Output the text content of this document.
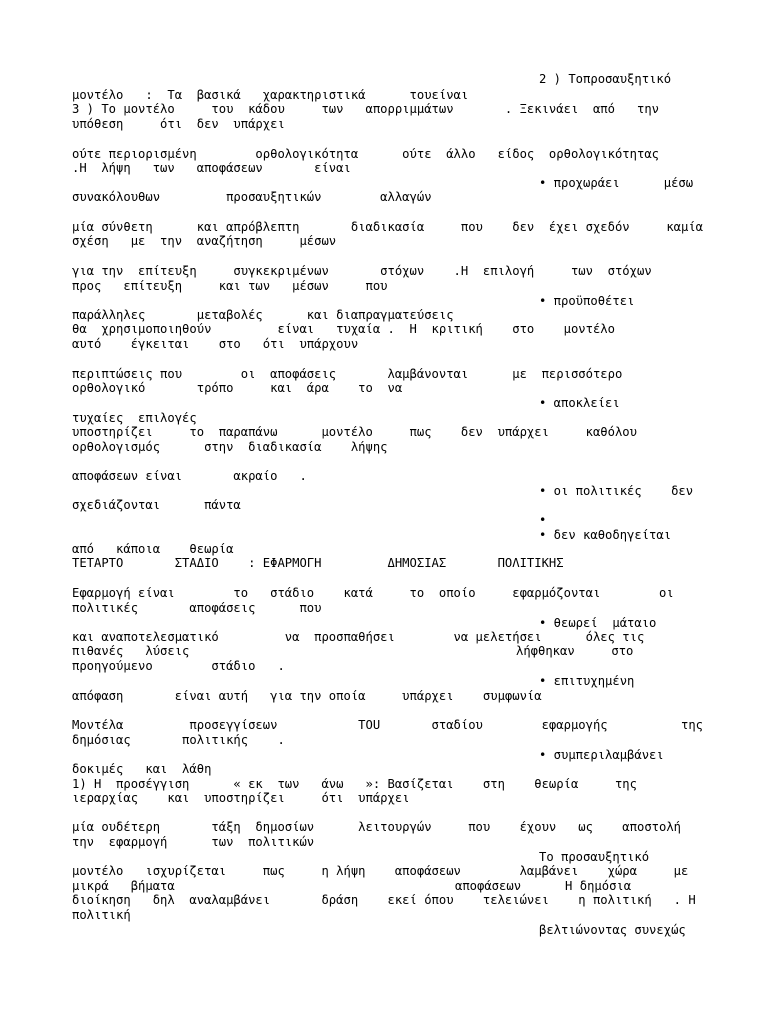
2 ) Τοπροσαυξητικό
μοντέλο   :  Τα  βασικά   χαρακτηριστικά      τουείναι
3 ) Το μοντέλο     του  κάδου     των   απορριμμάτων       . Ξεκινάει  από   την
υπόθεση     ότι  δεν  υπάρχει
ούτε περιορισμένη        ορθολογικότητα      ούτε  άλλο   είδος  ορθολογικότητας
.Η  λήψη   των   αποφάσεων       είναι
• προχωράει      μέσω
συνακόλουθων         προσαυξητικών        αλλαγών
μία σύνθετη      και απρόβλεπτη       διαδικασία     που    δεν  έχει σχεδόν     καμία
σχέση   με  την  αναζήτηση     μέσων
για την  επίτευξη     συγκεκριμένων       στόχων    .Η  επιλογή     των  στόχων
προς   επίτευξη     και των   μέσων     που
• προϋποθέτει
παράλληλες       μεταβολές      και διαπραγματεύσεις
θα  χρησιμοποιηθούν         είναι   τυχαία .  Η  κριτική    στο    μοντέλο
αυτό    έγκειται    στο   ότι  υπάρχουν
περιπτώσεις που        οι  αποφάσεις       λαμβάνονται      με  περισσότερο
ορθολογικό       τρόπο     και  άρα    το  να
• αποκλείει
τυχαίες  επιλογές
υποστηρίζει     το  παραπάνω      μοντέλο     πως    δεν  υπάρχει     καθόλου
ορθολογισμός      στην  διαδικασία    λήψης
αποφάσεων είναι       ακραίο   .
• οι πολιτικές    δεν
σχεδιάζονται      πάντα
•
• δεν καθοδηγείται
από   κάποια    θεωρία
ΤΕΤΑΡΤΟ       ΣΤΑΔΙΟ    : ΕΦΑΡΜΟΓΗ         ΔΗΜΟΣΙΑΣ       ΠΟΛΙΤΙΚΗΣ
Εφαρμογή είναι        το   στάδιο    κατά     το  οποίο     εφαρμόζονται        οι
πολιτικές       αποφάσεις      που
• θεωρεί  μάταιο
και αναποτελεσματικό         να  προσπαθήσει        να μελετήσει      όλες τις
πιθανές   λύσεις	λήφθηκαν     στο
προηγούμενο        στάδιο   .
• επιτυχημένη
απόφαση       είναι αυτή   για την οποία     υπάρχει    συμφωνία
Μοντέλα         προσεγγίσεων           ΤΟU       σταδίου        εφαρμογής          της
δημόσιας       πολιτικής    .
• συμπεριλαμβάνει
δοκιμές   και  λάθη
1) Η  προσέγγιση      « εκ  των   άνω   »: Βασίζεται    στη    θεωρία     της
ιεραρχίας    και  υποστηρίζει     ότι  υπάρχει
μία ουδέτερη       τάξη  δημοσίων      λειτουργών     που    έχουν   ως    αποστολή
την  εφαρμογή      των  πολιτικών
Το προσαυξητικό
μοντέλο   ισχυρίζεται     πως     η λήψη    αποφάσεων        λαμβάνει    χώρα     με
μικρά   βήματα	αποφάσεων      Η δημόσια
διοίκηση   δηλ  αναλαμβάνει       δράση    εκεί όπου    τελειώνει    η πολιτική   . Η
πολιτική
βελτιώνοντας συνεχώς
